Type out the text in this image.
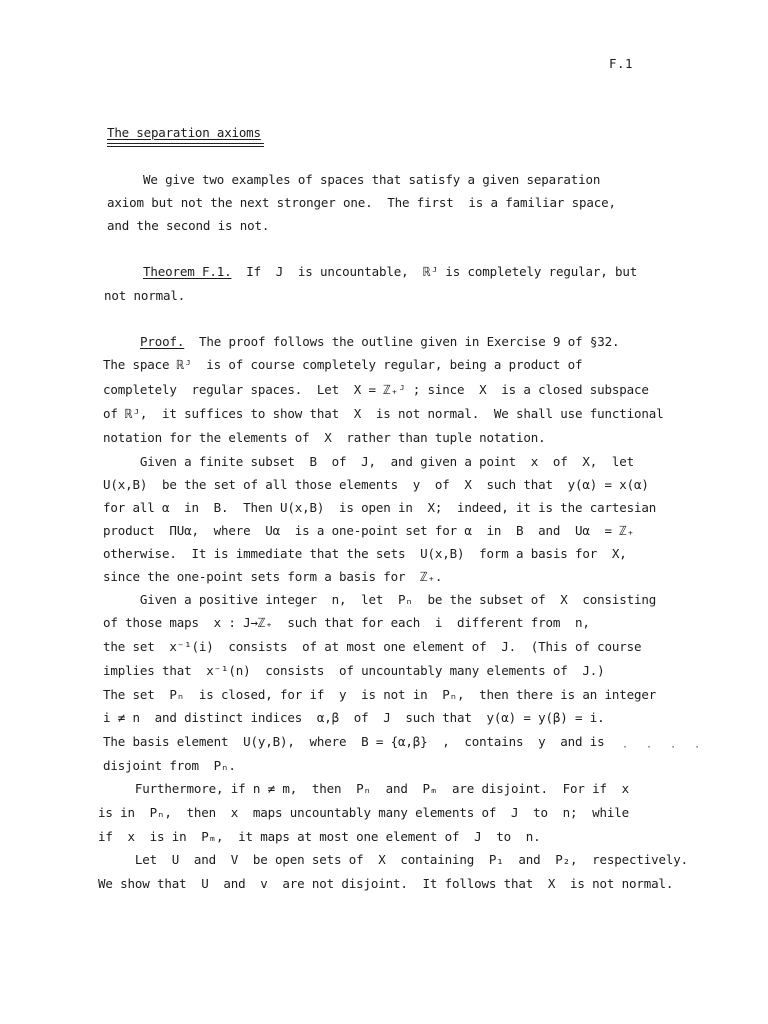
F.1
The separation axioms
We give two examples of spaces that satisfy a given separation
axiom but not the next stronger one.  The first  is a familiar space,
and the second is not.
Theorem F.1.  If  J  is uncountable,  ℝᴶ is completely regular, but
not normal.
Proof.  The proof follows the outline given in Exercise 9 of §32.
The space ℝᴶ  is of course completely regular, being a product of
completely  regular spaces.  Let  X = ℤ₊ᴶ ; since  X  is a closed subspace
of ℝᴶ,  it suffices to show that  X  is not normal.  We shall use functional
notation for the elements of  X  rather than tuple notation.
Given a finite subset  B  of  J,  and given a point  x  of  X,  let
U(x,B)  be the set of all those elements  y  of  X  such that  y(α) = x(α)
for all α  in  B.  Then U(x,B)  is open in  X;  indeed, it is the cartesian
product  ΠUα,  where  Uα  is a one-point set for α  in  B  and  Uα  = ℤ₊
otherwise.  It is immediate that the sets  U(x,B)  form a basis for  X,
since the one-point sets form a basis for  ℤ₊.
Given a positive integer  n,  let  Pₙ  be the subset of  X  consisting
of those maps  x : J→ℤ₊  such that for each  i  different from  n,
the set  x⁻¹(i)  consists  of at most one element of  J.  (This of course
implies that  x⁻¹(n)  consists  of uncountably many elements of  J.)
The set  Pₙ  is closed, for if  y  is not in  Pₙ,  then there is an integer
i ≠ n  and distinct indices  α,β  of  J  such that  y(α) = y(β) = i.
The basis element  U(y,B),  where  B = {α,β}  ,  contains  y  and is
disjoint from  Pₙ.
Furthermore, if n ≠ m,  then  Pₙ  and  Pₘ  are disjoint.  For if  x
is in  Pₙ,  then  x  maps uncountably many elements of  J  to  n;  while
if  x  is in  Pₘ,  it maps at most one element of  J  to  n.
Let  U  and  V  be open sets of  X  containing  P₁  and  P₂,  respectively.
We show that  U  and  v  are not disjoint.  It follows that  X  is not normal.
· · · ·
